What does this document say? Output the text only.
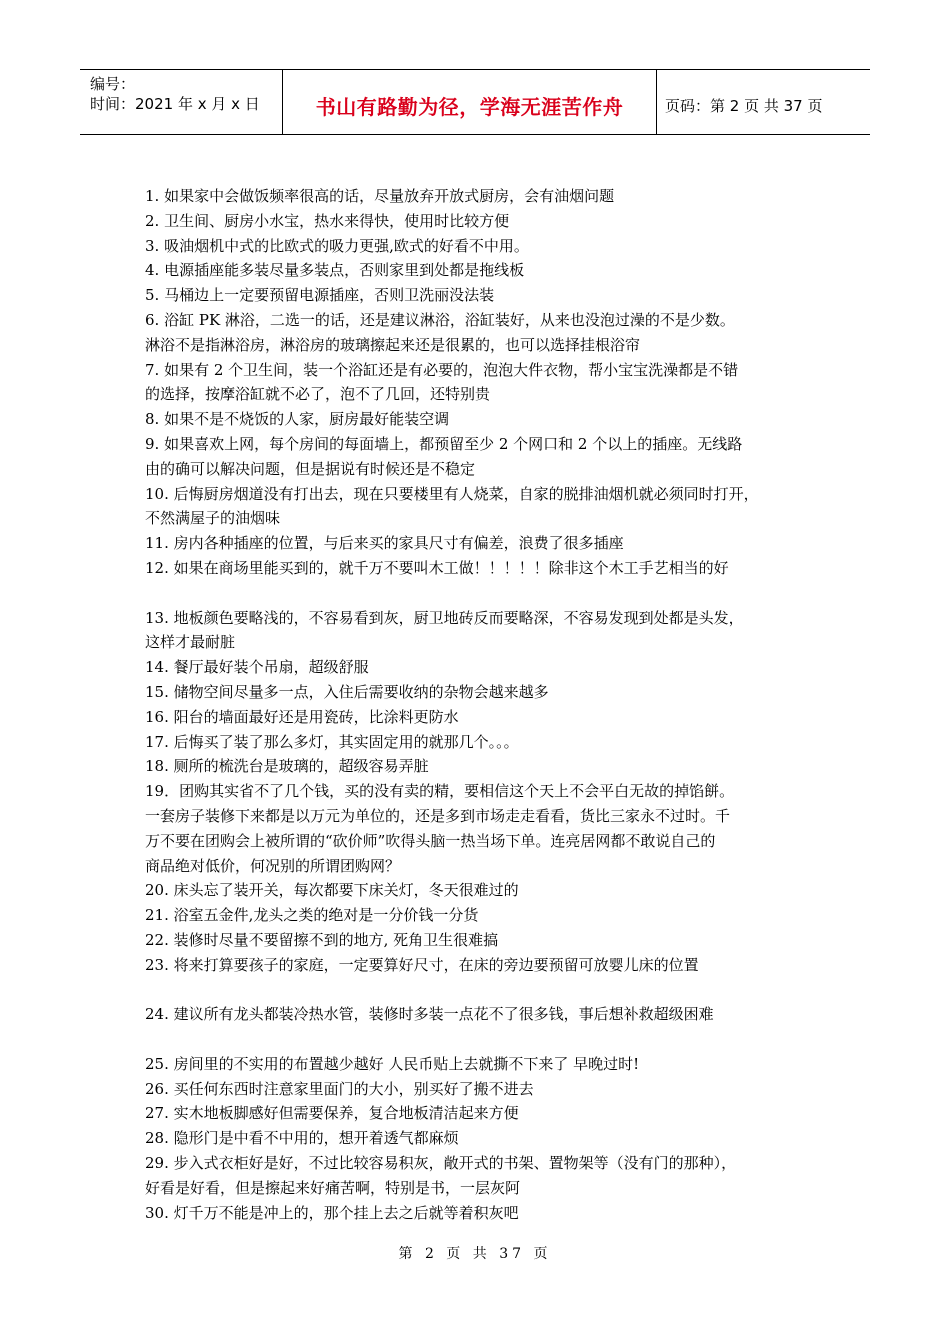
编号：
时间：2021 年 x 月 x 日	书山有路勤为径，学海无涯苦作舟	页码：第 2 页 共 37 页
1. 如果家中会做饭频率很高的话，尽量放弃开放式厨房，会有油烟问题
2. 卫生间、厨房小水宝，热水来得快，使用时比较方便
3. 吸油烟机中式的比欧式的吸力更强,欧式的好看不中用。
4. 电源插座能多装尽量多装点，否则家里到处都是拖线板
5. 马桶边上一定要预留电源插座，否则卫洗丽没法装
6. 浴缸 PK 淋浴，二选一的话，还是建议淋浴，浴缸装好，从来也没泡过澡的不是少数。
淋浴不是指淋浴房，淋浴房的玻璃擦起来还是很累的，也可以选择挂根浴帘
7. 如果有 2 个卫生间，装一个浴缸还是有必要的，泡泡大件衣物，帮小宝宝洗澡都是不错
的选择，按摩浴缸就不必了，泡不了几回，还特别贵
8. 如果不是不烧饭的人家，厨房最好能装空调
9. 如果喜欢上网，每个房间的每面墙上，都预留至少 2 个网口和 2 个以上的插座。无线路
由的确可以解决问题，但是据说有时候还是不稳定
10. 后悔厨房烟道没有打出去，现在只要楼里有人烧菜，自家的脱排油烟机就必须同时打开，
不然满屋子的油烟味
11. 房内各种插座的位置，与后来买的家具尺寸有偏差，浪费了很多插座
12. 如果在商场里能买到的，就千万不要叫木工做！！！！！除非这个木工手艺相当的好
13. 地板颜色要略浅的，不容易看到灰，厨卫地砖反而要略深，不容易发现到处都是头发，
这样才最耐脏
14. 餐厅最好装个吊扇，超级舒服
15. 储物空间尽量多一点，入住后需要收纳的杂物会越来越多
16. 阳台的墙面最好还是用瓷砖，比涂料更防水
17. 后悔买了装了那么多灯，其实固定用的就那几个。。。
18. 厕所的梳洗台是玻璃的，超级容易弄脏
19．团购其实省不了几个钱，买的没有卖的精，要相信这个天上不会平白无故的掉馅餅。
一套房子装修下来都是以万元为单位的，还是多到市场走走看看，货比三家永不过时。千
万不要在团购会上被所谓的“砍价师”吹得头脑一热当场下单。连亮居网都不敢说自己的
商品绝对低价，何况别的所谓团购网？
20. 床头忘了装开关，每次都要下床关灯，冬天很难过的
21. 浴室五金件,龙头之类的绝对是一分价钱一分货
22. 装修时尽量不要留擦不到的地方, 死角卫生很难搞
23. 将来打算要孩子的家庭，一定要算好尺寸，在床的旁边要预留可放婴儿床的位置
24. 建议所有龙头都装冷热水管，装修时多装一点花不了很多钱，事后想补救超级困难
25. 房间里的不实用的布置越少越好 人民币贴上去就撕不下来了 早晚过时!
26. 买任何东西时注意家里面门的大小，别买好了搬不进去
27. 实木地板脚感好但需要保养，复合地板清洁起来方便
28. 隐形门是中看不中用的，想开着透气都麻烦
29. 步入式衣柜好是好，不过比较容易积灰，敞开式的书架、置物架等（没有门的那种），
好看是好看，但是擦起来好痛苦啊，特别是书，一层灰阿
30. 灯千万不能是冲上的，那个挂上去之后就等着积灰吧
第 2 页 共 37 页
